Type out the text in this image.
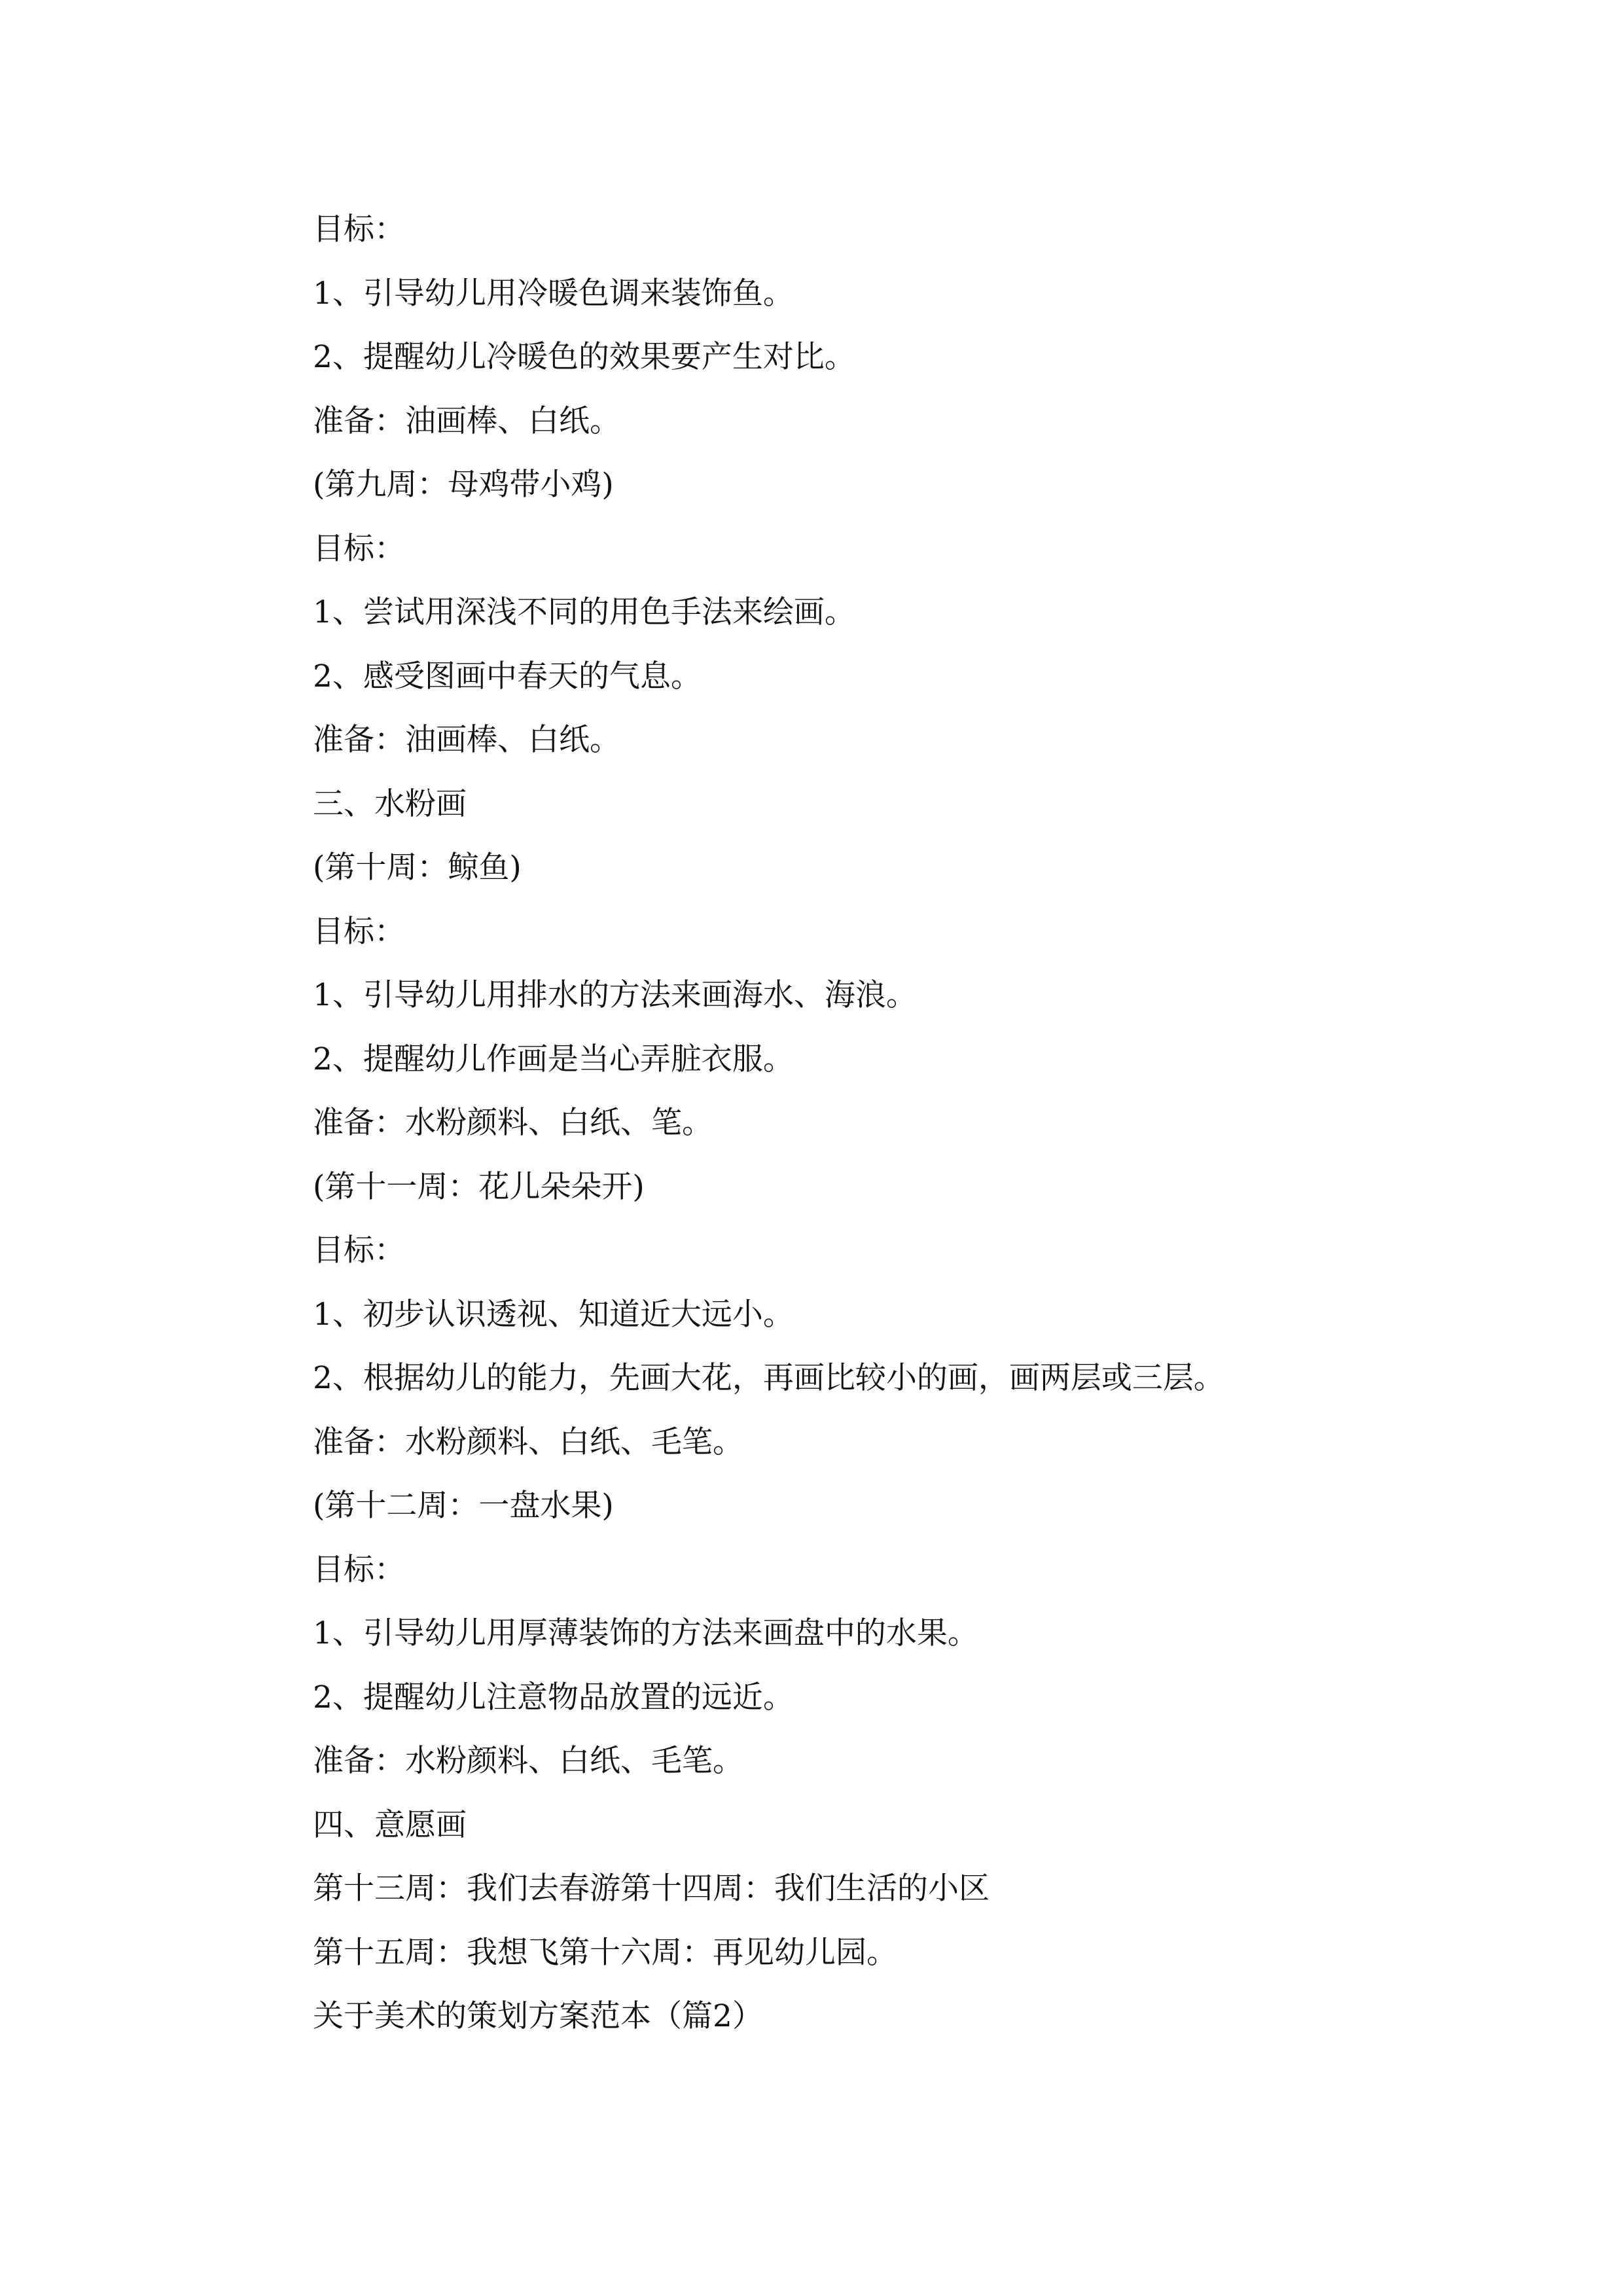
目标：
1、引导幼儿用冷暖色调来装饰鱼。
2、提醒幼儿冷暖色的效果要产生对比。
准备：油画棒、白纸。
(第九周：母鸡带小鸡)
目标：
1、尝试用深浅不同的用色手法来绘画。
2、感受图画中春天的气息。
准备：油画棒、白纸。
三、水粉画
(第十周：鲸鱼)
目标：
1、引导幼儿用排水的方法来画海水、海浪。
2、提醒幼儿作画是当心弄脏衣服。
准备：水粉颜料、白纸、笔。
(第十一周：花儿朵朵开)
目标：
1、初步认识透视、知道近大远小。
2、根据幼儿的能力，先画大花，再画比较小的画，画两层或三层。
准备：水粉颜料、白纸、毛笔。
(第十二周：一盘水果)
目标：
1、引导幼儿用厚薄装饰的方法来画盘中的水果。
2、提醒幼儿注意物品放置的远近。
准备：水粉颜料、白纸、毛笔。
四、意愿画
第十三周：我们去春游第十四周：我们生活的小区
第十五周：我想飞第十六周：再见幼儿园。
关于美术的策划方案范本（篇2）
